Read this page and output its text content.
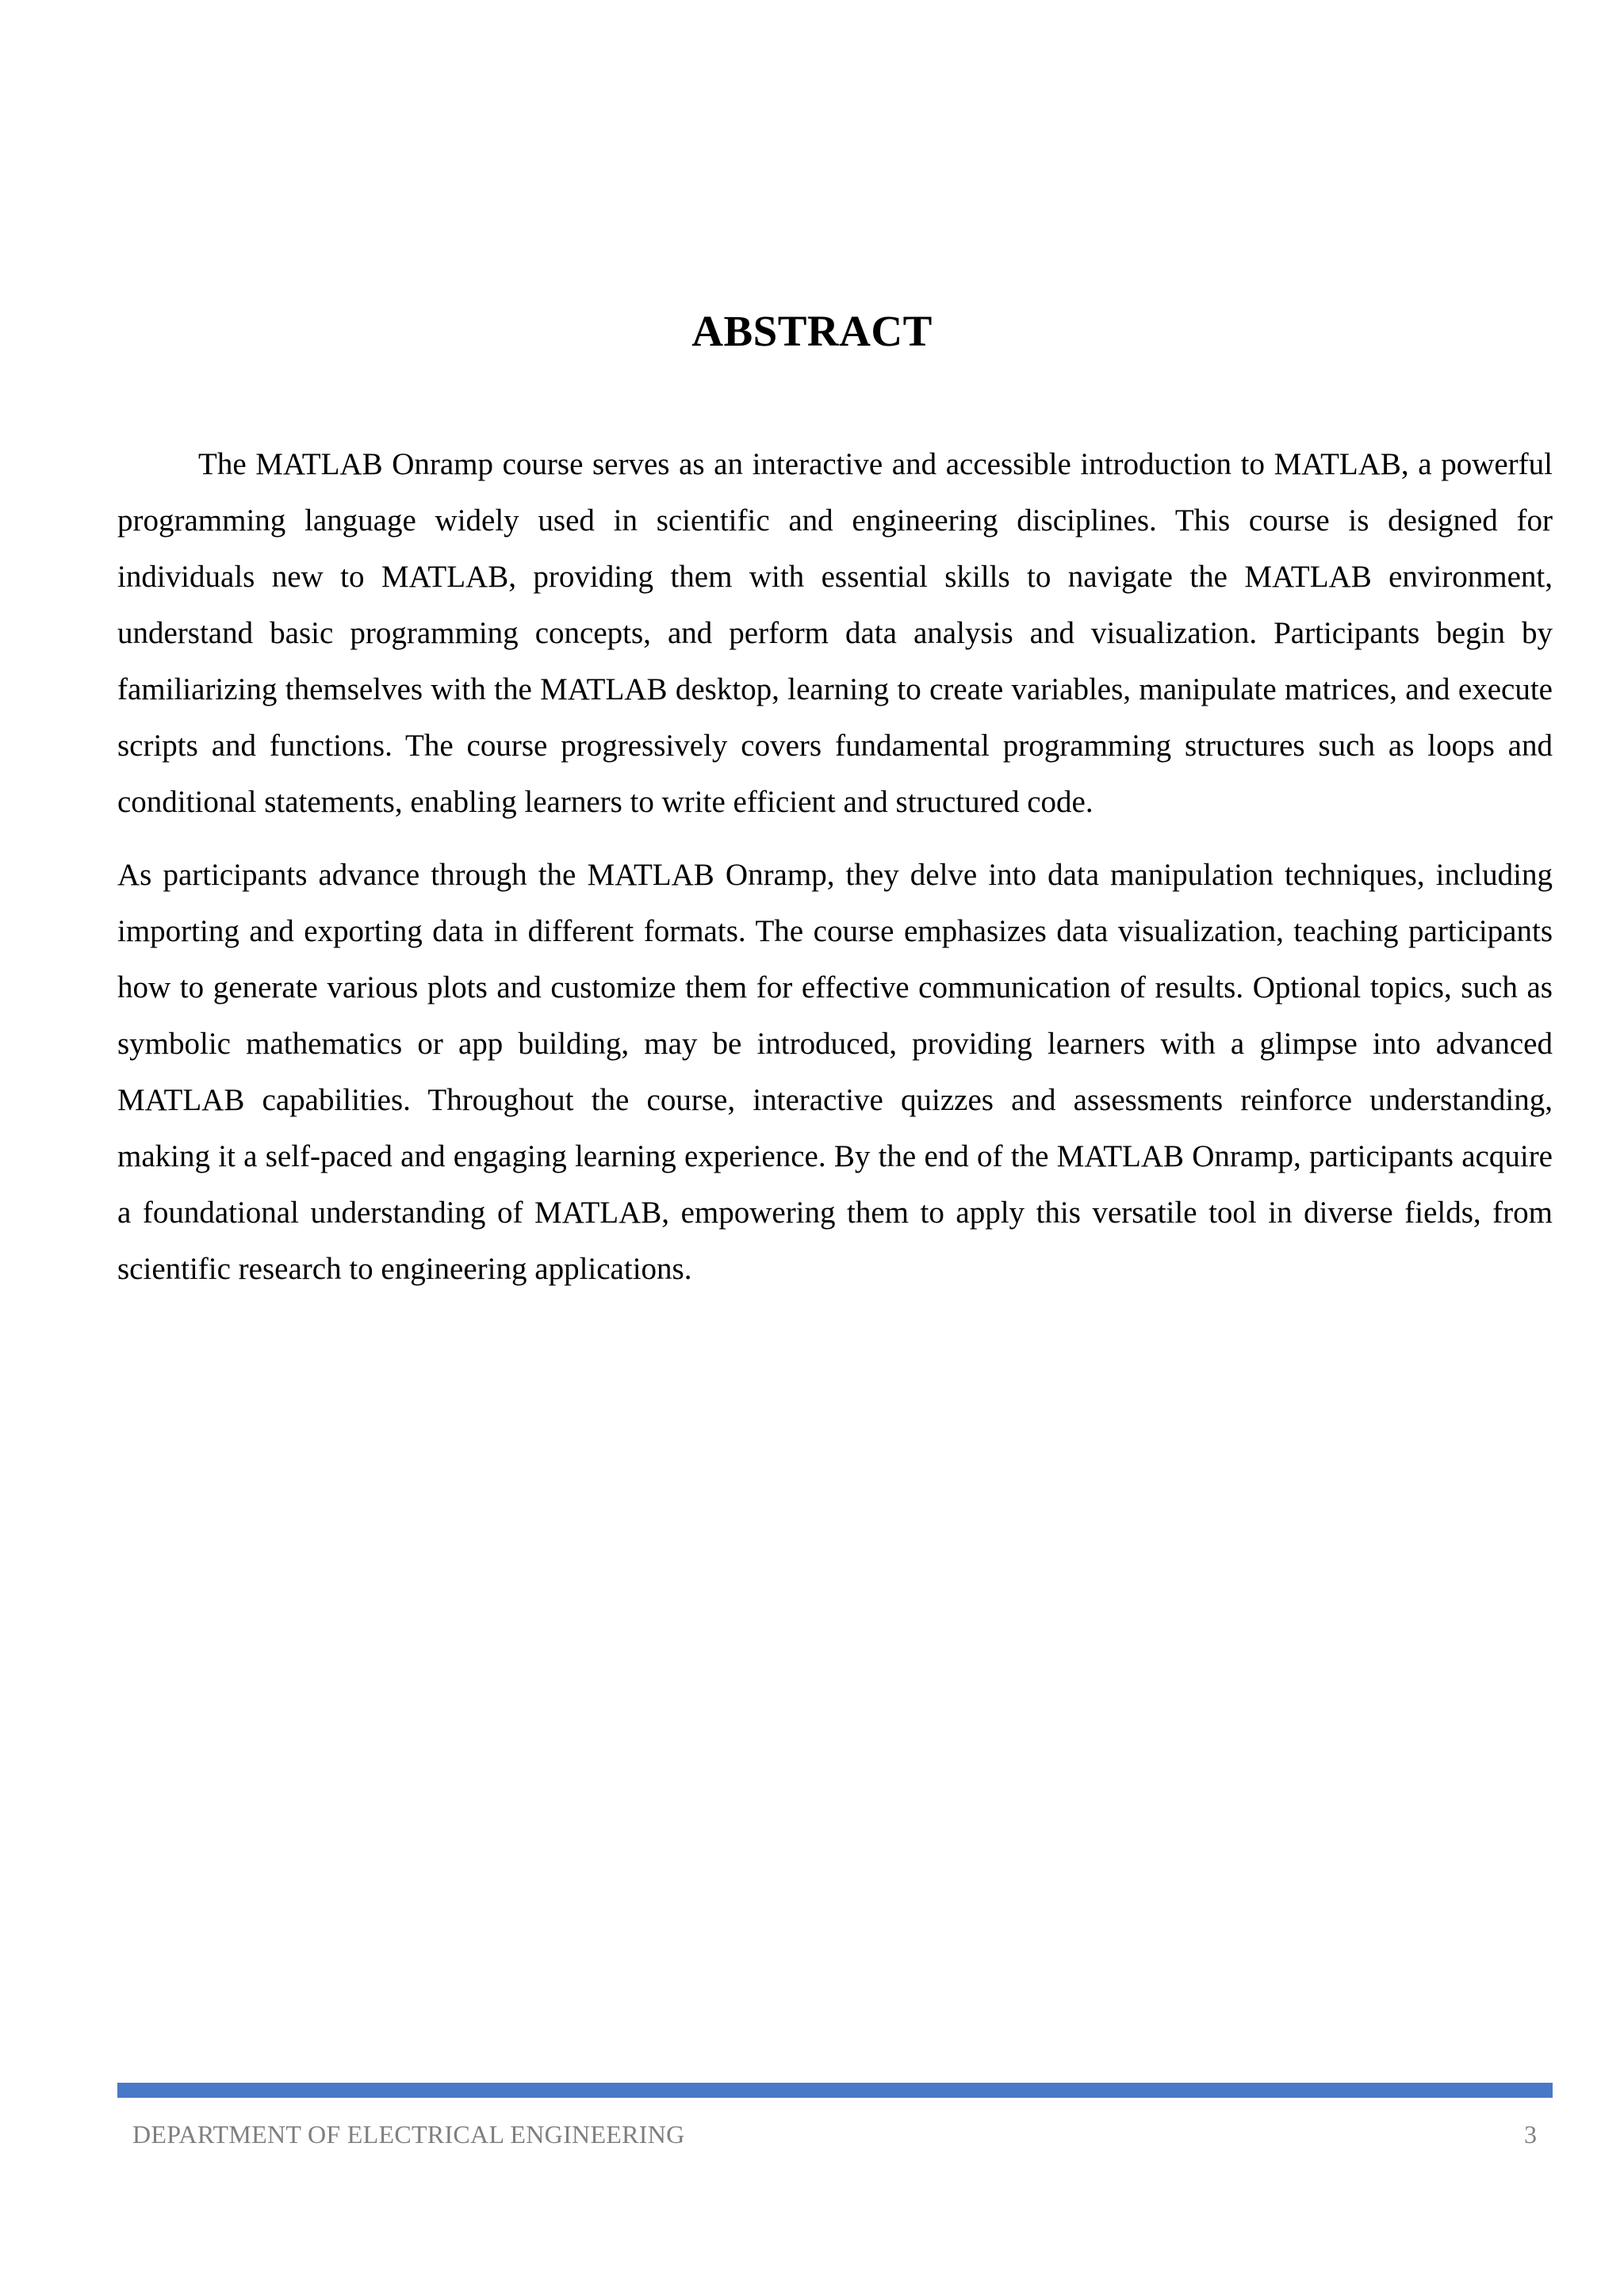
ABSTRACT

The MATLAB Onramp course serves as an interactive and accessible introduction to MATLAB, a powerful programming language widely used in scientific and engineering disciplines. This course is designed for individuals new to MATLAB, providing them with essential skills to navigate the MATLAB environment, understand basic programming concepts, and perform data analysis and visualization. Participants begin by familiarizing themselves with the MATLAB desktop, learning to create variables, manipulate matrices, and execute scripts and functions. The course progressively covers fundamental programming structures such as loops and conditional statements, enabling learners to write efficient and structured code.

As participants advance through the MATLAB Onramp, they delve into data manipulation techniques, including importing and exporting data in different formats. The course emphasizes data visualization, teaching participants how to generate various plots and customize them for effective communication of results. Optional topics, such as symbolic mathematics or app building, may be introduced, providing learners with a glimpse into advanced MATLAB capabilities. Throughout the course, interactive quizzes and assessments reinforce understanding, making it a self-paced and engaging learning experience. By the end of the MATLAB Onramp, participants acquire a foundational understanding of MATLAB, empowering them to apply this versatile tool in diverse fields, from scientific research to engineering applications.

DEPARTMENT OF ELECTRICAL ENGINEERING	3
